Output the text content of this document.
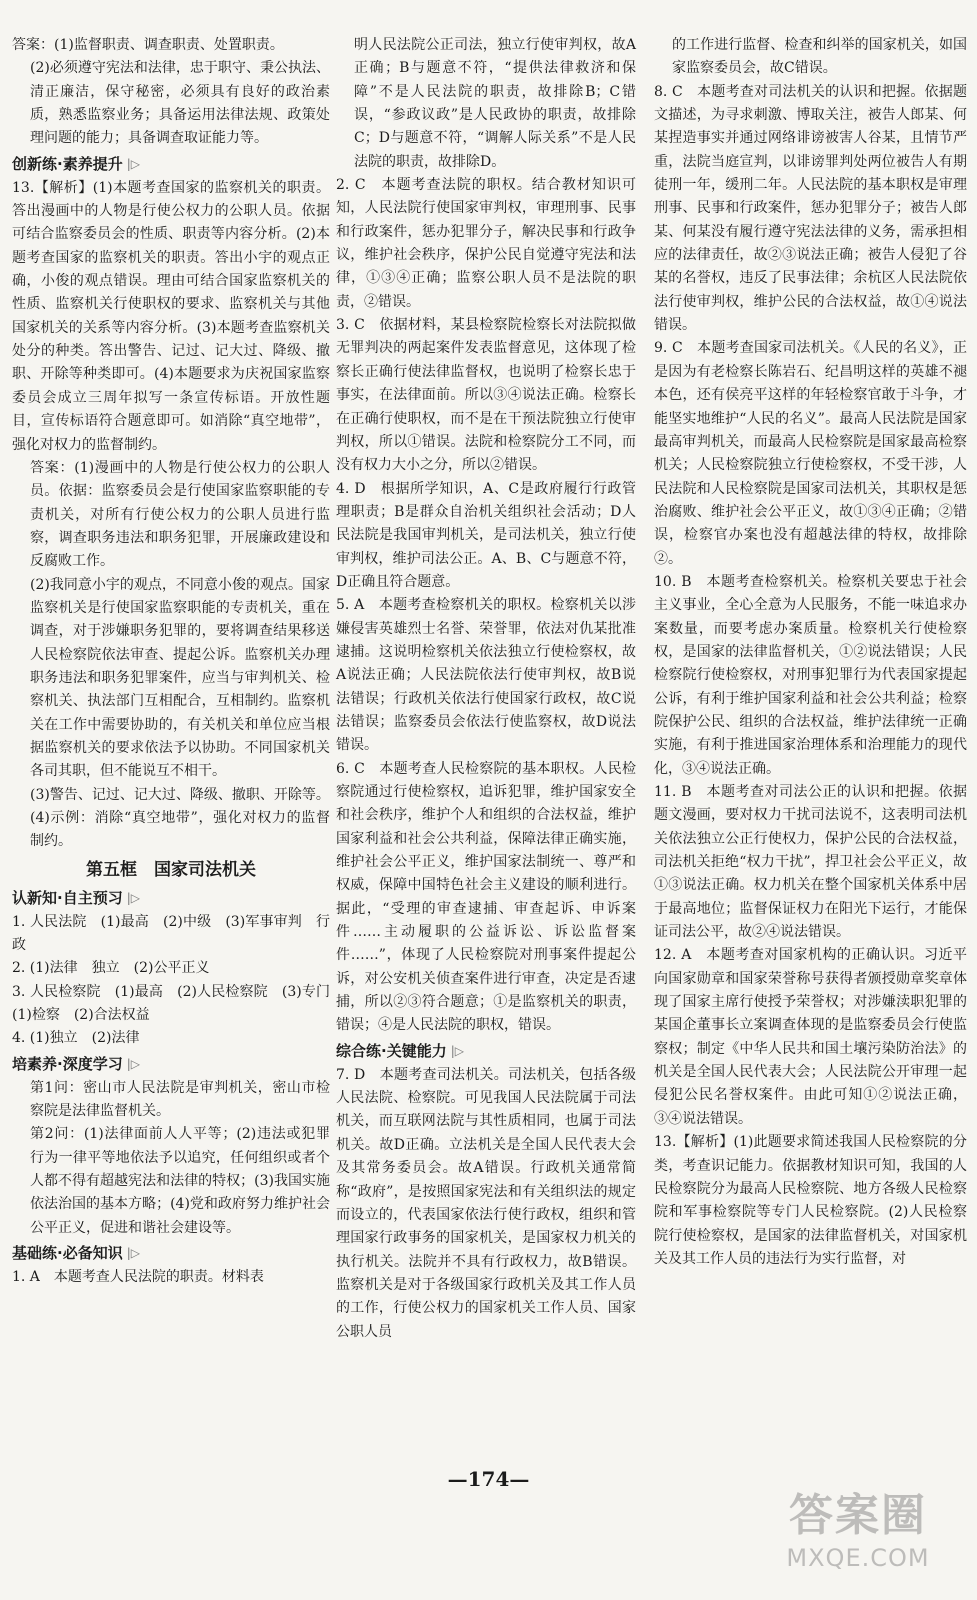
答案：(1)监督职责、调查职责、处置职责。

(2)必须遵守宪法和法律，忠于职守、秉公执法、清正廉洁，保守秘密，必须具有良好的政治素质，熟悉监察业务；具备运用法律法规、政策处理问题的能力；具备调查取证能力等。

创新练·素养提升 |▷

13.【解析】(1)本题考查国家的监察机关的职责。答出漫画中的人物是行使公权力的公职人员。依据可结合监察委员会的性质、职责等内容分析。(2)本题考查国家的监察机关的职责。答出小宇的观点正确，小俊的观点错误。理由可结合国家监察机关的性质、监察机关行使职权的要求、监察机关与其他国家机关的关系等内容分析。(3)本题考查监察机关处分的种类。答出警告、记过、记大过、降级、撤职、开除等种类即可。(4)本题要求为庆祝国家监察委员会成立三周年拟写一条宣传标语。开放性题目，宣传标语符合题意即可。如消除“真空地带”，强化对权力的监督制约。

答案：(1)漫画中的人物是行使公权力的公职人员。依据：监察委员会是行使国家监察职能的专责机关，对所有行使公权力的公职人员进行监察，调查职务违法和职务犯罪，开展廉政建设和反腐败工作。

(2)我同意小宇的观点，不同意小俊的观点。国家监察机关是行使国家监察职能的专责机关，重在调查，对于涉嫌职务犯罪的，要将调查结果移送人民检察院依法审查、提起公诉。监察机关办理职务违法和职务犯罪案件，应当与审判机关、检察机关、执法部门互相配合，互相制约。监察机关在工作中需要协助的，有关机关和单位应当根据监察机关的要求依法予以协助。不同国家机关各司其职，但不能说互不相干。

(3)警告、记过、记大过、降级、撤职、开除等。

(4)示例：消除“真空地带”，强化对权力的监督制约。

第五框　国家司法机关

认新知·自主预习 |▷

1. 人民法院　(1)最高　(2)中级　(3)军事审判　行政

2. (1)法律　独立　(2)公平正义

3. 人民检察院　(1)最高　(2)人民检察院　(3)专门　(1)检察　(2)合法权益

4. (1)独立　(2)法律

培素养·深度学习 |▷

第1问：密山市人民法院是审判机关，密山市检察院是法律监督机关。

第2问：(1)法律面前人人平等；(2)违法或犯罪行为一律平等地依法予以追究，任何组织或者个人都不得有超越宪法和法律的特权；(3)我国实施依法治国的基本方略；(4)党和政府努力维护社会公平正义，促进和谐社会建设等。

基础练·必备知识 |▷

1. A　本题考查人民法院的职责。材料表

明人民法院公正司法，独立行使审判权，故A正确；B与题意不符，“提供法律救济和保障”不是人民法院的职责，故排除B；C错误，“参政议政”是人民政协的职责，故排除C；D与题意不符，“调解人际关系”不是人民法院的职责，故排除D。

2. C　本题考查法院的职权。结合教材知识可知，人民法院行使国家审判权，审理刑事、民事和行政案件，惩办犯罪分子，解决民事和行政争议，维护社会秩序，保护公民自觉遵守宪法和法律，①③④正确；监察公职人员不是法院的职责，②错误。

3. C　依据材料，某县检察院检察长对法院拟做无罪判决的两起案件发表监督意见，这体现了检察长正确行使法律监督权，也说明了检察长忠于事实，在法律面前。所以③④说法正确。检察长在正确行使职权，而不是在干预法院独立行使审判权，所以①错误。法院和检察院分工不同，而没有权力大小之分，所以②错误。

4. D　根据所学知识，A、C是政府履行行政管理职责；B是群众自治机关组织社会活动；D人民法院是我国审判机关，是司法机关，独立行使审判权，维护司法公正。A、B、C与题意不符，D正确且符合题意。

5. A　本题考查检察机关的职权。检察机关以涉嫌侵害英雄烈士名誉、荣誉罪，依法对仇某批准逮捕。这说明检察机关依法独立行使检察权，故A说法正确；人民法院依法行使审判权，故B说法错误；行政机关依法行使国家行政权，故C说法错误；监察委员会依法行使监察权，故D说法错误。

6. C　本题考查人民检察院的基本职权。人民检察院通过行使检察权，追诉犯罪，维护国家安全和社会秩序，维护个人和组织的合法权益，维护国家利益和社会公共利益，保障法律正确实施，维护社会公平正义，维护国家法制统一、尊严和权威，保障中国特色社会主义建设的顺利进行。据此，“受理的审查逮捕、审查起诉、申诉案件……主动履职的公益诉讼、诉讼监督案件……”，体现了人民检察院对刑事案件提起公诉，对公安机关侦查案件进行审查，决定是否逮捕，所以②③符合题意；①是监察机关的职责，错误；④是人民法院的职权，错误。

综合练·关键能力 |▷

7. D　本题考查司法机关。司法机关，包括各级人民法院、检察院。可见我国人民法院属于司法机关，而互联网法院与其性质相同，也属于司法机关。故D正确。立法机关是全国人民代表大会及其常务委员会。故A错误。行政机关通常简称“政府”，是按照国家宪法和有关组织法的规定而设立的，代表国家依法行使行政权，组织和管理国家行政事务的国家机关，是国家权力机关的执行机关。法院并不具有行政权力，故B错误。监察机关是对于各级国家行政机关及其工作人员的工作，行使公权力的国家机关工作人员、国家公职人员

的工作进行监督、检查和纠举的国家机关，如国家监察委员会，故C错误。

8. C　本题考查对司法机关的认识和把握。依据题文描述，为寻求刺激、博取关注，被告人郎某、何某捏造事实并通过网络诽谤被害人谷某，且情节严重，法院当庭宣判，以诽谤罪判处两位被告人有期徒刑一年，缓刑二年。人民法院的基本职权是审理刑事、民事和行政案件，惩办犯罪分子；被告人郎某、何某没有履行遵守宪法法律的义务，需承担相应的法律责任，故②③说法正确；被告人侵犯了谷某的名誉权，违反了民事法律；余杭区人民法院依法行使审判权，维护公民的合法权益，故①④说法错误。

9. C　本题考查国家司法机关。《人民的名义》，正是因为有老检察长陈岩石、纪昌明这样的英雄不褪本色，还有侯亮平这样的年轻检察官敢于斗争，才能坚实地维护“人民的名义”。最高人民法院是国家最高审判机关，而最高人民检察院是国家最高检察机关；人民检察院独立行使检察权，不受干涉，人民法院和人民检察院是国家司法机关，其职权是惩治腐败、维护社会公平正义，故①③④正确；②错误，检察官办案也没有超越法律的特权，故排除②。

10. B　本题考查检察机关。检察机关要忠于社会主义事业，全心全意为人民服务，不能一味追求办案数量，而要考虑办案质量。检察机关行使检察权，是国家的法律监督机关，①②说法错误；人民检察院行使检察权，对刑事犯罪行为代表国家提起公诉，有利于维护国家利益和社会公共利益；检察院保护公民、组织的合法权益，维护法律统一正确实施，有利于推进国家治理体系和治理能力的现代化，③④说法正确。

11. B　本题考查对司法公正的认识和把握。依据题文漫画，要对权力干扰司法说不，这表明司法机关依法独立公正行使权力，保护公民的合法权益，司法机关拒绝“权力干扰”，捍卫社会公平正义，故①③说法正确。权力机关在整个国家机关体系中居于最高地位；监督保证权力在阳光下运行，才能保证司法公平，故②④说法错误。

12. A　本题考查对国家机构的正确认识。习近平向国家勋章和国家荣誉称号获得者颁授勋章奖章体现了国家主席行使授予荣誉权；对涉嫌渎职犯罪的某国企董事长立案调查体现的是监察委员会行使监察权；制定《中华人民共和国土壤污染防治法》的机关是全国人民代表大会；人民法院公开审理一起侵犯公民名誉权案件。由此可知①②说法正确，③④说法错误。

13.【解析】(1)此题要求简述我国人民检察院的分类，考查识记能力。依据教材知识可知，我国的人民检察院分为最高人民检察院、地方各级人民检察院和军事检察院等专门人民检察院。(2)人民检察院行使检察权，是国家的法律监督机关，对国家机关及其工作人员的违法行为实行监督，对

—174—
答案圈
MXQE.COM
